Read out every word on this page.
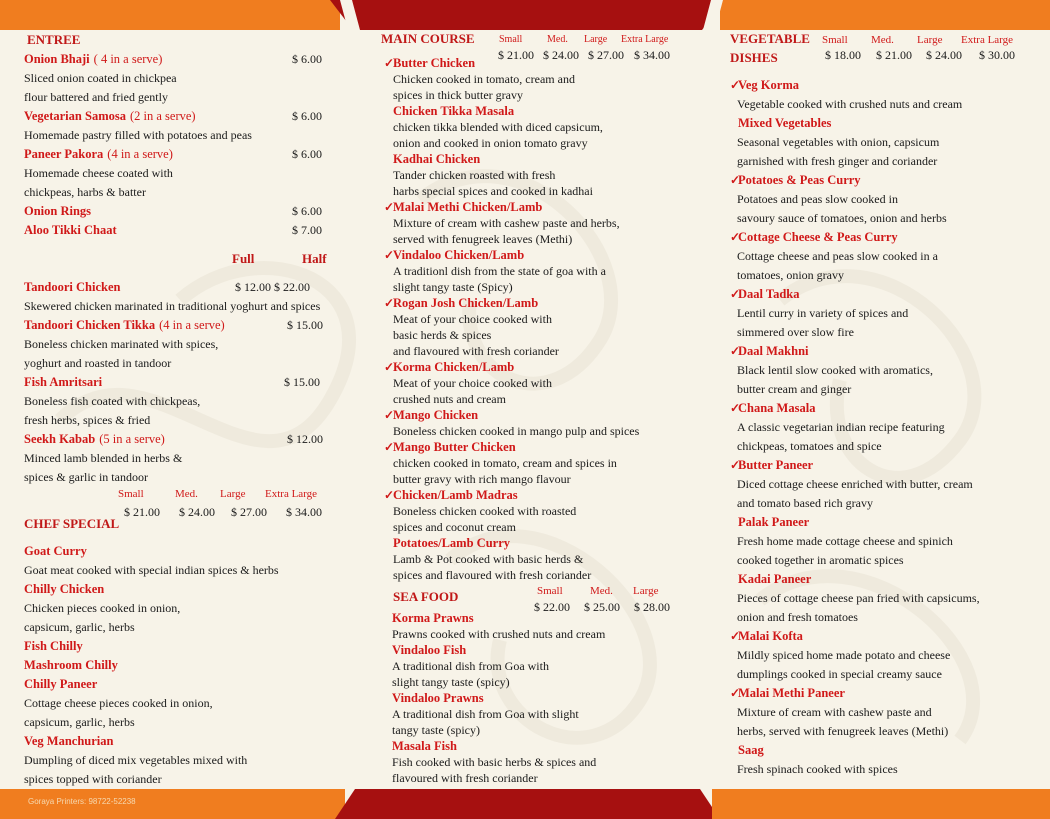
Goraya Printers: 98722-52238
ENTREE
Onion Bhaji ( 4 in a serve)	$ 6.00
Sliced onion coated in chickpea
flour battered and fried gently
Vegetarian Samosa (2 in a serve)	$ 6.00
Homemade pastry filled with potatoes and peas
Paneer Pakora (4 in a serve)	$ 6.00
Homemade cheese coated with
chickpeas, harbs & batter
Onion Rings	$ 6.00
Aloo Tikki Chaat	$ 7.00
Full	Half
Tandoori Chicken	$ 12.00 $ 22.00
Skewered chicken marinated in traditional yoghurt and spices
Tandoori Chicken Tikka (4 in a serve)	$ 15.00
Boneless chicken marinated with spices,
yoghurt and roasted in tandoor
Fish Amritsari	$ 15.00
Boneless fish coated with chickpeas,
fresh herbs, spices & fried
Seekh Kabab (5 in a serve)	$ 12.00
Minced lamb blended in herbs &
spices & garlic in tandoor
Small	Med. Large Extra Large
$ 21.00 $ 24.00 $ 27.00 $ 34.00
CHEF SPECIAL
Goat Curry
Goat meat cooked with special indian spices & herbs
Chilly Chicken
Chicken pieces cooked in onion,
capsicum, garlic, herbs
Fish Chilly
Mashroom Chilly
Chilly Paneer
Cottage cheese pieces cooked in onion,
capsicum, garlic, herbs
Veg Manchurian
Dumpling of diced mix vegetables mixed with
spices topped with coriander
MAIN COURSE Small Med. Large Extra Large
$ 21.00 $ 24.00 $ 27.00 $ 34.00
✓
Butter Chicken
Chicken cooked in tomato, cream and
spices in thick butter gravy
Chicken Tikka Masala
chicken tikka blended with diced capsicum,
onion and cooked in onion tomato gravy
Kadhai Chicken
Tander chicken roasted with fresh
harbs special spices and cooked in kadhai
✓
Malai Methi Chicken/Lamb
Mixture of cream with cashew paste and herbs,
served with fenugreek leaves (Methi)
✓
Vindaloo Chicken/Lamb
A traditionl dish from the state of goa with a
slight tangy taste (Spicy)
✓
Rogan Josh Chicken/Lamb
Meat of your choice cooked with
basic herds & spices
and flavoured with fresh coriander
✓
Korma Chicken/Lamb
Meat of your choice cooked with
crushed nuts and cream
✓
Mango Chicken
Boneless chicken cooked in mango pulp and spices
✓
Mango Butter Chicken
chicken cooked in tomato, cream and spices in
butter gravy with rich mango flavour
✓
Chicken/Lamb Madras
Boneless chicken cooked with roasted
spices and coconut cream
Potatoes/Lamb Curry
Lamb & Pot cooked with basic herds &
spices and flavoured with fresh coriander
SEA FOOD	Small Med. Large
$ 22.00 $ 25.00 $ 28.00
Korma Prawns
Prawns cooked with crushed nuts and cream
Vindaloo Fish
A traditional dish from Goa with
slight tangy taste (spicy)
Vindaloo Prawns
A traditional dish from Goa with slight
tangy taste (spicy)
Masala Fish
Fish cooked with basic herbs & spices and
flavoured with fresh coriander
VEGETABLE
DISHES
Small Med. Large Extra Large
$ 18.00 $ 21.00 $ 24.00 $ 30.00
✓
Veg Korma
Vegetable cooked with crushed nuts and cream
Mixed Vegetables
Seasonal vegetables with onion, capsicum
garnished with fresh ginger and coriander
✓
Potatoes & Peas Curry
Potatoes and peas slow cooked in
savoury sauce of tomatoes, onion and herbs
✓
Cottage Cheese & Peas Curry
Cottage cheese and peas slow cooked in a
tomatoes, onion gravy
✓
Daal Tadka
Lentil curry in variety of spices and
simmered over slow fire
✓
Daal Makhni
Black lentil slow cooked with aromatics,
butter cream and ginger
✓
Chana Masala
A classic vegetarian indian recipe featuring
chickpeas, tomatoes and spice
✓
Butter Paneer
Diced cottage cheese enriched with butter, cream
and tomato based rich gravy
Palak Paneer
Fresh home made cottage cheese and spinich
cooked together in aromatic spices
Kadai Paneer
Pieces of cottage cheese pan fried with capsicums,
onion and fresh tomatoes
✓
Malai Kofta
Mildly spiced home made potato and cheese
dumplings cooked in special creamy sauce
✓
Malai Methi Paneer
Mixture of cream with cashew paste and
herbs, served with fenugreek leaves (Methi)
Saag
Fresh spinach cooked with spices
